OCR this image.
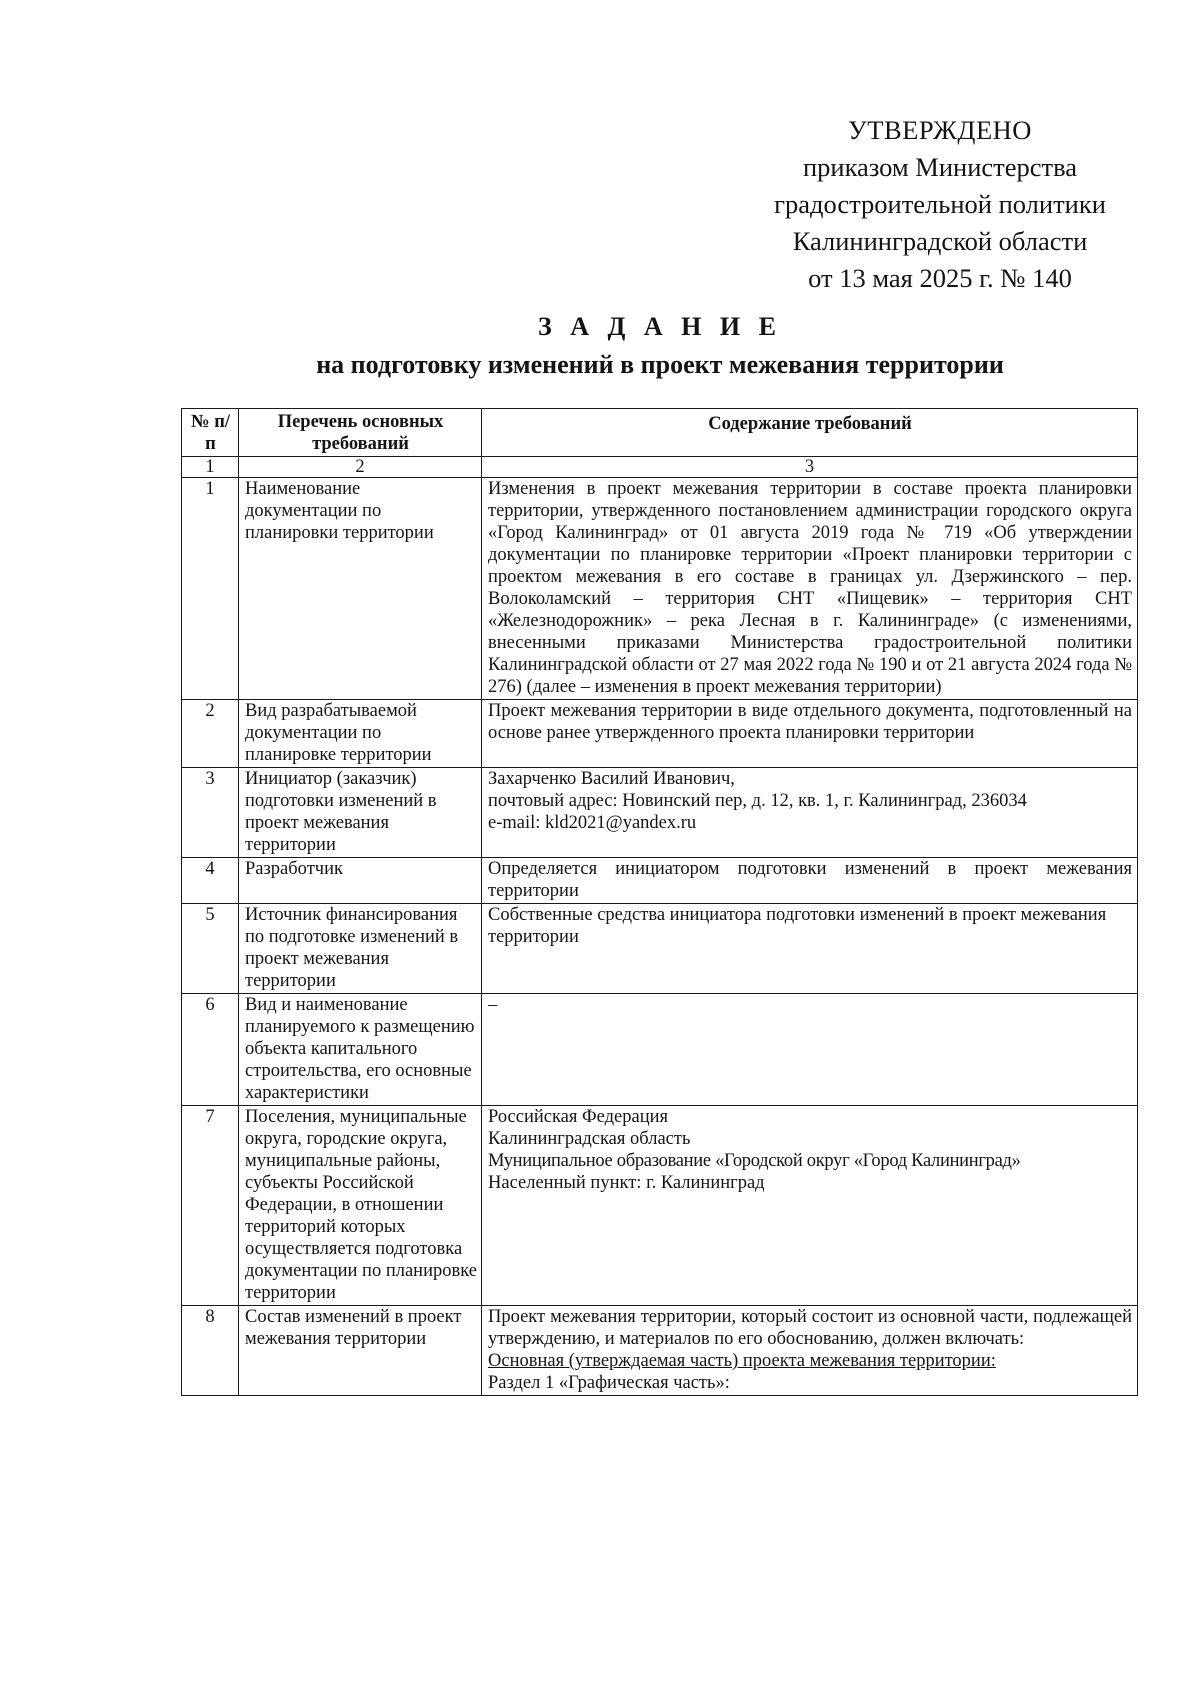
УТВЕРЖДЕНО
приказом Министерства
градостроительной политики
Калининградской области
от 13 мая 2025 г. № 140
З А Д А Н И Е
на подготовку изменений в проект межевания территории
№ п/п	Перечень основных требований	Содержание требований
1	2	3
1	Наименование документации по планировки территории	Изменения в проект межевания территории в составе проекта планировки территории, утвержденного постановлением администрации городского округа «Город Калининград» от 01 августа 2019 года № 719 «Об утверждении документации по планировке территории «Проект планировки территории с проектом межевания в его составе в границах ул. Дзержинского – пер. Волоколамский – территория СНТ «Пищевик» – территория СНТ «Железнодорожник» – река Лесная в г. Калининграде» (с изменениями, внесенными приказами Министерства градостроительной политики Калининградской области от 27 мая 2022 года № 190 и от 21 августа 2024 года № 276) (далее – изменения в проект межевания территории)

2	Вид разрабатываемой документации по планировке территории	Проект межевания территории в виде отдельного документа, подготовленный на основе ранее утвержденного проекта планировки территории

3	Инициатор (заказчик) подготовки изменений в проект межевания территории	Захарченко Василий Иванович,
почтовый адрес: Новинский пер, д. 12, кв. 1, г. Калининград, 236034
e-mail: kld2021@yandex.ru

4	Разработчик	Определяется инициатором подготовки изменений в проект межевания территории

5	Источник финансирования по подготовке изменений в проект межевания территории	Собственные средства инициатора подготовки изменений в проект межевания территории

6	Вид и наименование планируемого к размещению объекта капитального строительства, его основные характеристики	–

7	Поселения, муниципальные округа, городские округа, муниципальные районы, субъекты Российской Федерации, в отношении территорий которых осуществляется подготовка документации по планировке территории	Российская Федерация
Калининградская область
Муниципальное образование «Городской округ «Город Калининград»
Населенный пункт: г. Калининград

8	Состав изменений в проект межевания территории	Проект межевания территории, который состоит из основной части, подлежащей утверждению, и материалов по его обоснованию, должен включать:
Основная (утверждаемая часть) проекта межевания территории:
Раздел 1 «Графическая часть»:
